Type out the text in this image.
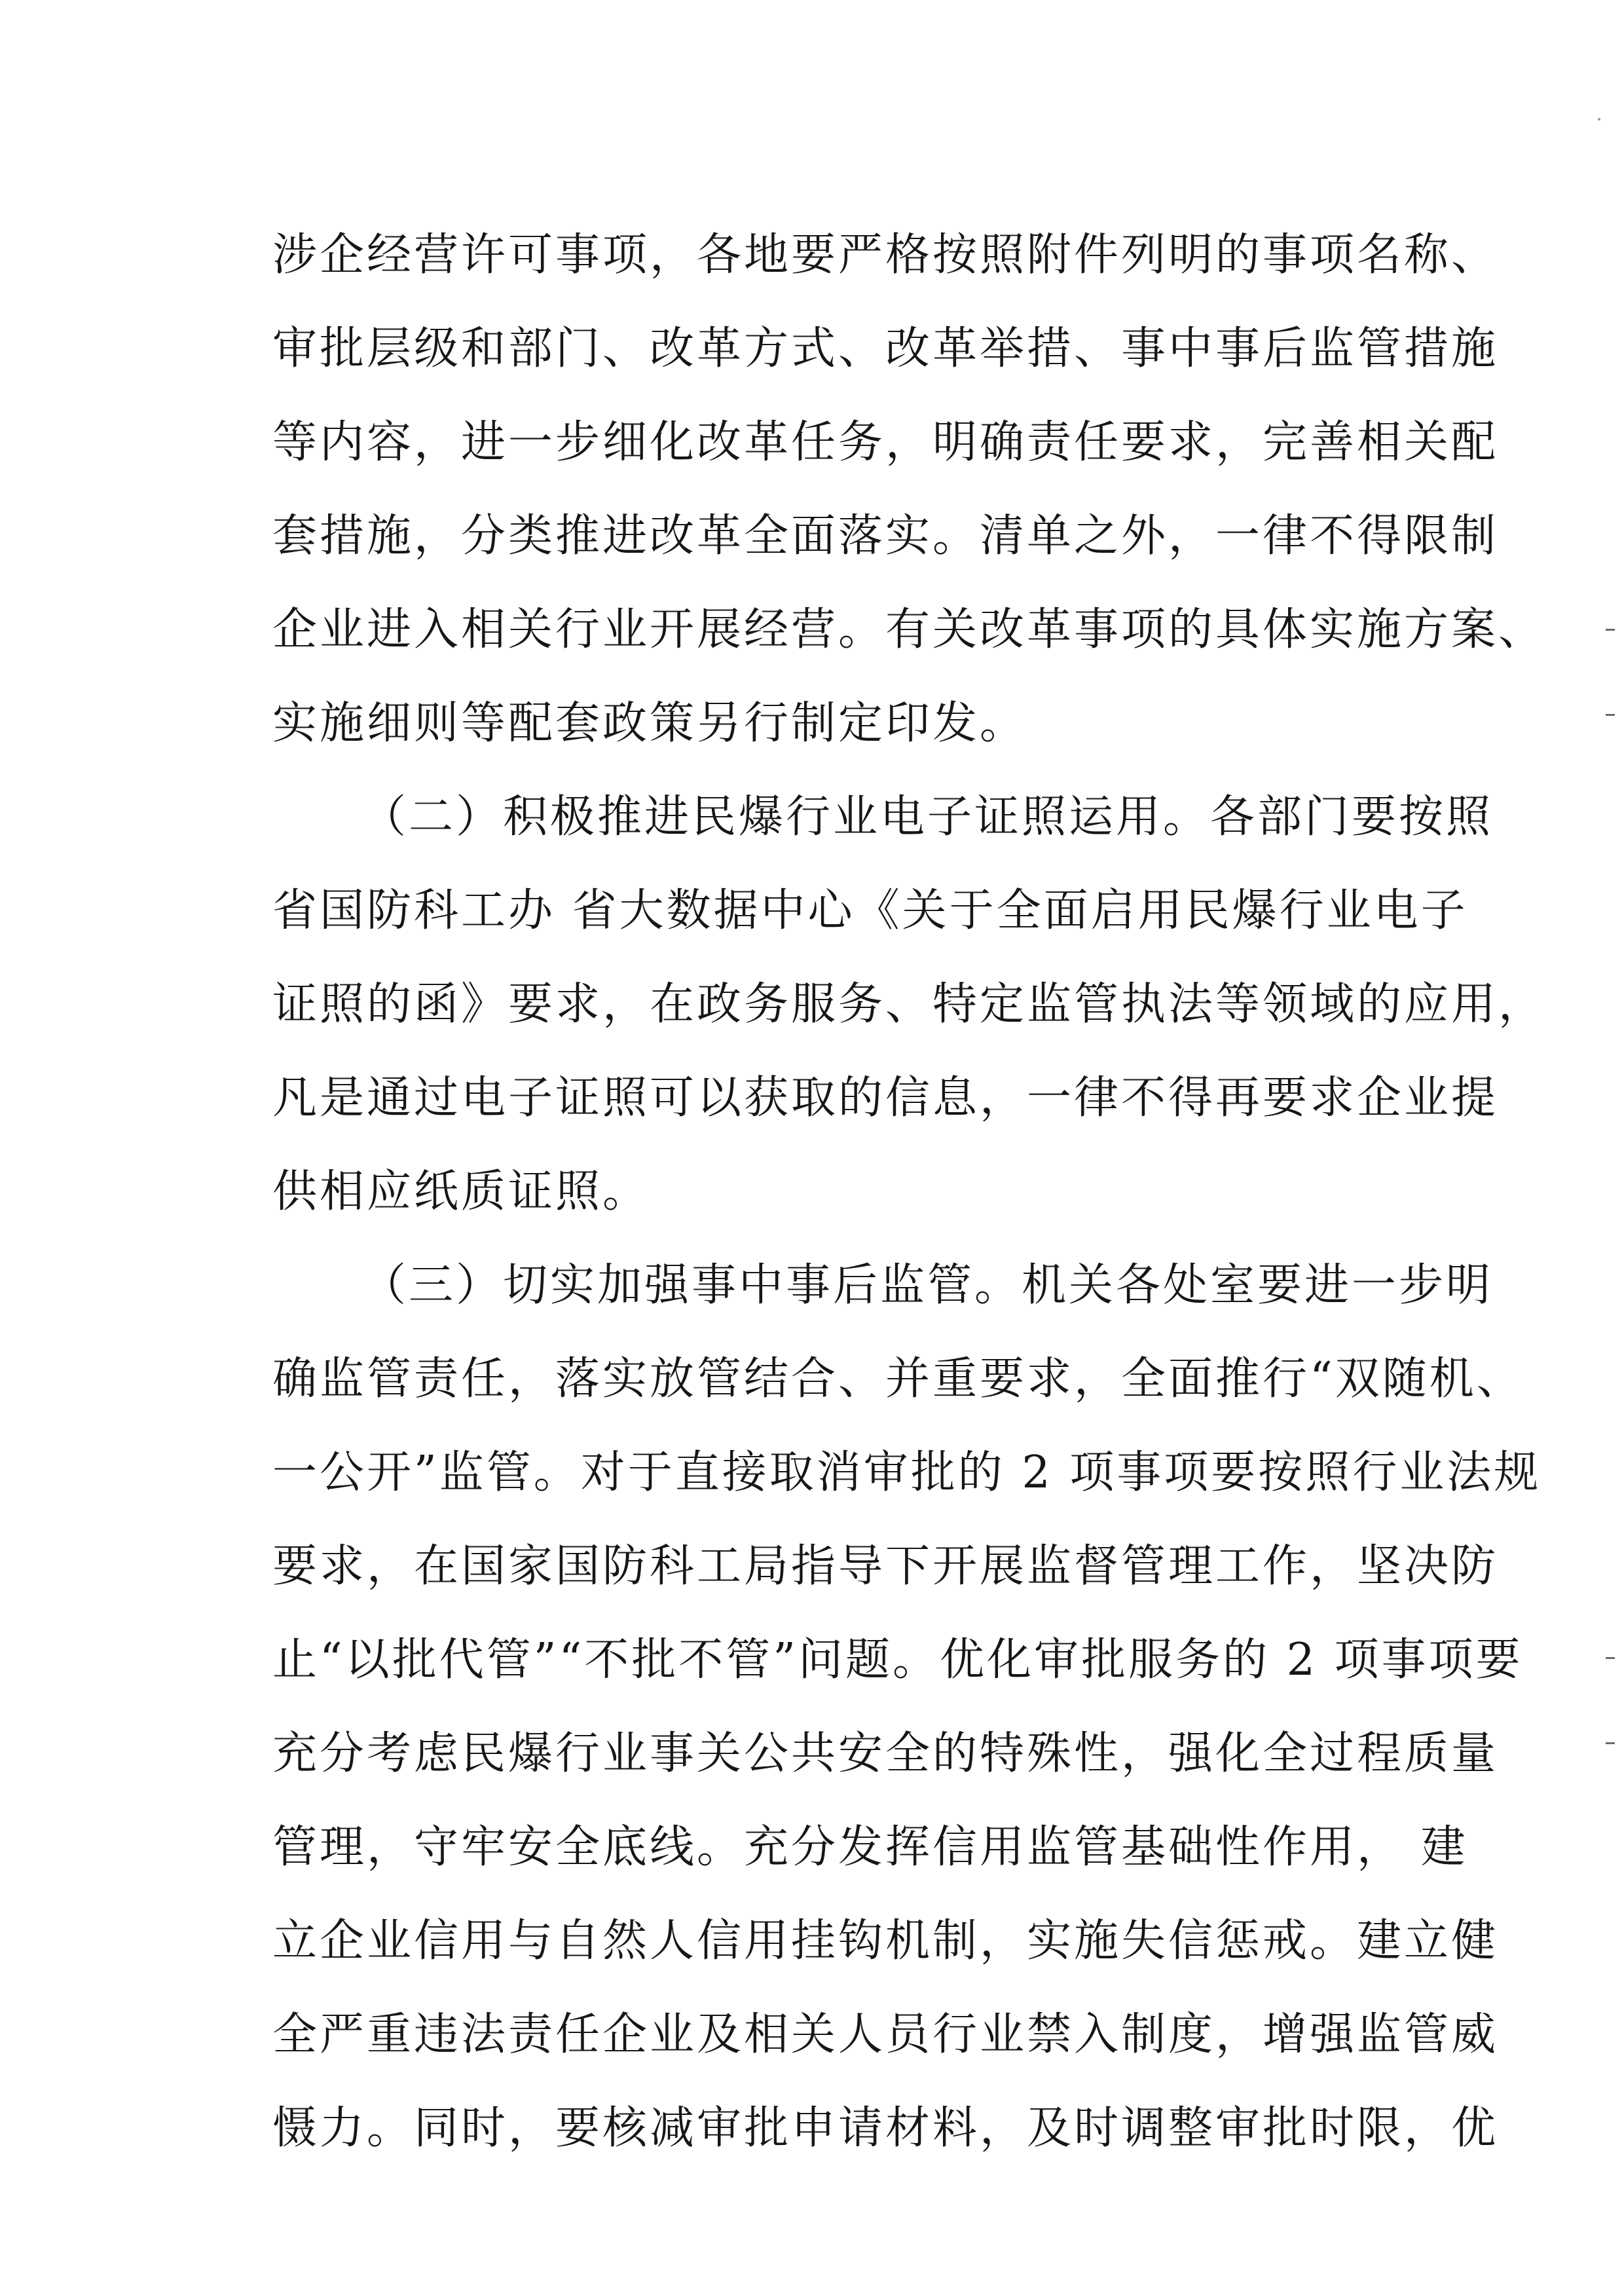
涉企经营许可事项，各地要严格按照附件列明的事项名称、
审批层级和部门、改革方式、改革举措、事中事后监管措施
等内容，进一步细化改革任务，明确责任要求，完善相关配
套措施，分类推进改革全面落实。清单之外，一律不得限制
企业进入相关行业开展经营。有关改革事项的具体实施方案、
实施细则等配套政策另行制定印发。
（二）积极推进民爆行业电子证照运用。各部门要按照
省国防科工办 省大数据中心《关于全面启用民爆行业电子
证照的函》要求，在政务服务、特定监管执法等领域的应用，
凡是通过电子证照可以获取的信息，一律不得再要求企业提
供相应纸质证照。
（三）切实加强事中事后监管。机关各处室要进一步明
确监管责任，落实放管结合、并重要求，全面推行“双随机、
一公开”监管。对于直接取消审批的 2 项事项要按照行业法规
要求，在国家国防科工局指导下开展监督管理工作，坚决防
止“以批代管”“不批不管”问题。优化审批服务的 2 项事项要
充分考虑民爆行业事关公共安全的特殊性，强化全过程质量
管理，守牢安全底线。充分发挥信用监管基础性作用， 建
立企业信用与自然人信用挂钩机制，实施失信惩戒。建立健
全严重违法责任企业及相关人员行业禁入制度，增强监管威
慑力。同时，要核减审批申请材料，及时调整审批时限，优
